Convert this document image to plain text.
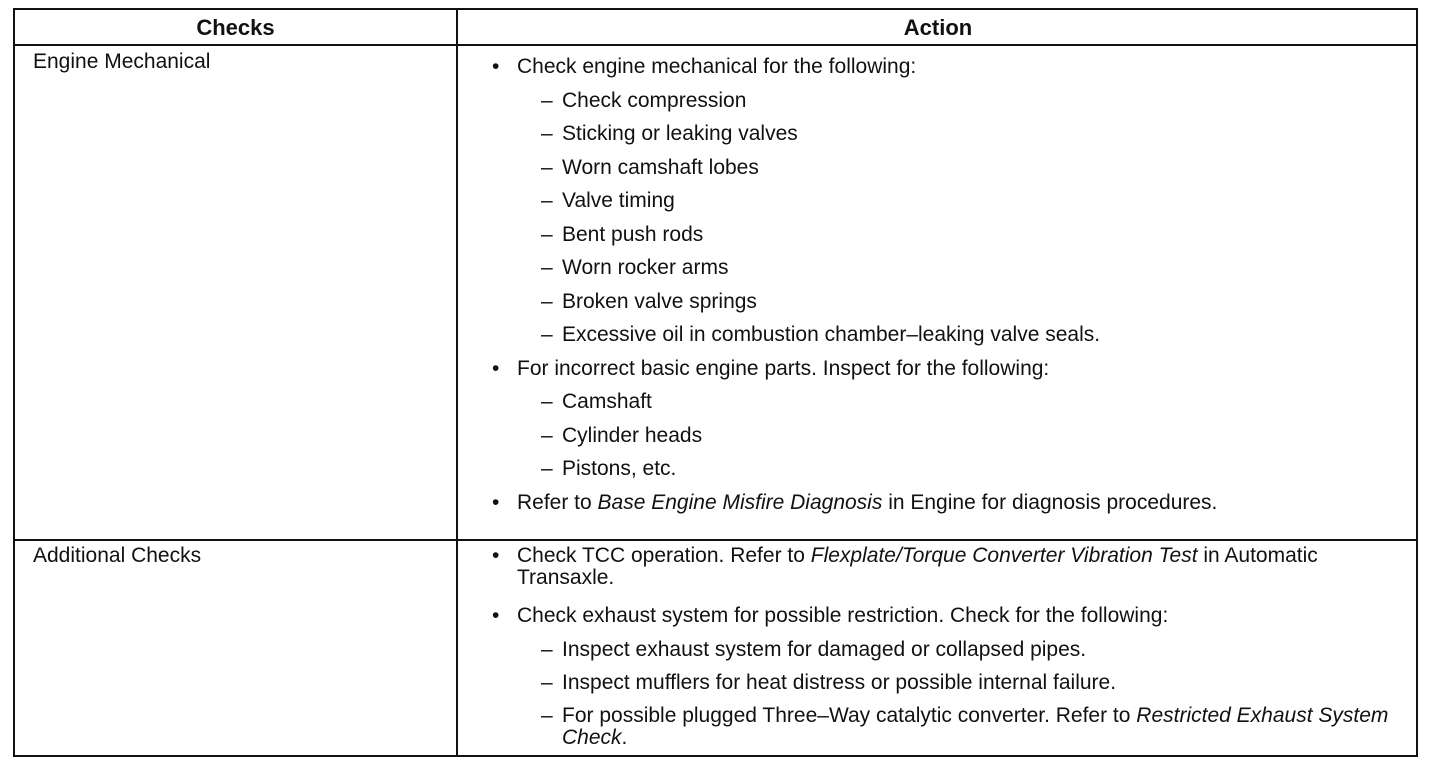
Checks	Action
Engine Mechanical	• Check engine mechanical for the following:
– Check compression
– Sticking or leaking valves
– Worn camshaft lobes
– Valve timing
– Bent push rods
– Worn rocker arms
– Broken valve springs
– Excessive oil in combustion chamber–leaking valve seals.
• For incorrect basic engine parts. Inspect for the following:
– Camshaft
– Cylinder heads
– Pistons, etc.
• Refer to Base Engine Misfire Diagnosis in Engine for diagnosis procedures.
Additional Checks	• Check TCC operation. Refer to Flexplate/Torque Converter Vibration Test in Automatic Transaxle.
• Check exhaust system for possible restriction. Check for the following:
– Inspect exhaust system for damaged or collapsed pipes.
– Inspect mufflers for heat distress or possible internal failure.
– For possible plugged Three–Way catalytic converter. Refer to Restricted Exhaust System Check.
